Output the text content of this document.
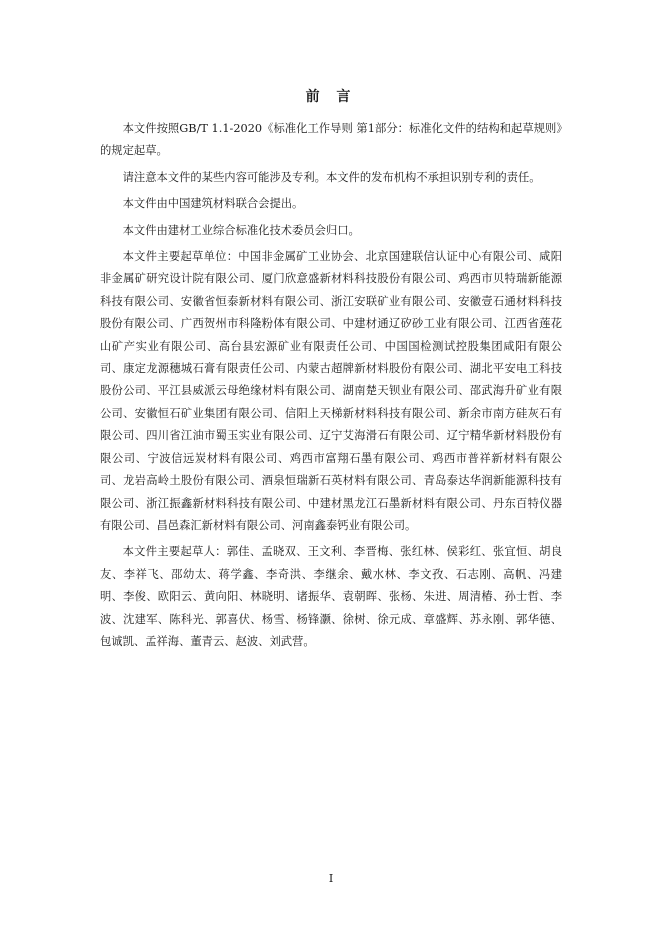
前 言

本文件按照GB/T 1.1-2020《标准化工作导则 第1部分：标准化文件的结构和起草规则》的规定起草。

请注意本文件的某些内容可能涉及专利。本文件的发布机构不承担识别专利的责任。

本文件由中国建筑材料联合会提出。

本文件由建材工业综合标准化技术委员会归口。

本文件主要起草单位：中国非金属矿工业协会、北京国建联信认证中心有限公司、咸阳非金属矿研究设计院有限公司、厦门欣意盛新材料科技股份有限公司、鸡西市贝特瑞新能源科技有限公司、安徽省恒泰新材料有限公司、浙江安联矿业有限公司、安徽壹石通材料科技股份有限公司、广西贺州市科隆粉体有限公司、中建材通辽矽砂工业有限公司、江西省莲花山矿产实业有限公司、高台县宏源矿业有限责任公司、中国国检测试控股集团咸阳有限公司、康定龙源穗城石膏有限责任公司、内蒙古超牌新材料股份有限公司、湖北平安电工科技股份公司、平江县威派云母绝缘材料有限公司、湖南楚天钡业有限公司、邵武海升矿业有限公司、安徽恒石矿业集团有限公司、信阳上天梯新材料科技有限公司、新余市南方硅灰石有限公司、四川省江油市蜀玉实业有限公司、辽宁艾海滑石有限公司、辽宁精华新材料股份有限公司、宁波信远炭材料有限公司、鸡西市富翔石墨有限公司、鸡西市普祥新材料有限公司、龙岩高岭土股份有限公司、酒泉恒瑞新石英材料有限公司、青岛泰达华润新能源科技有限公司、浙江振鑫新材料科技有限公司、中建材黑龙江石墨新材料有限公司、丹东百特仪器有限公司、昌邑森汇新材料有限公司、河南鑫泰钙业有限公司。

本文件主要起草人：郭佳、孟晓双、王文利、李晋梅、张红林、侯彩红、张宜恒、胡良友、李祥飞、邵幼太、蒋学鑫、李奇洪、李继余、戴水林、李文孜、石志刚、高帆、冯建明、李俊、欧阳云、黄向阳、林晓明、诸振华、袁朝晖、张杨、朱进、周清椿、孙士哲、李波、沈建军、陈科光、郭喜伏、杨雪、杨锋灏、徐树、徐元成、章盛辉、苏永刚、郭华德、包诚凯、孟祥海、董青云、赵波、刘武营。

I
